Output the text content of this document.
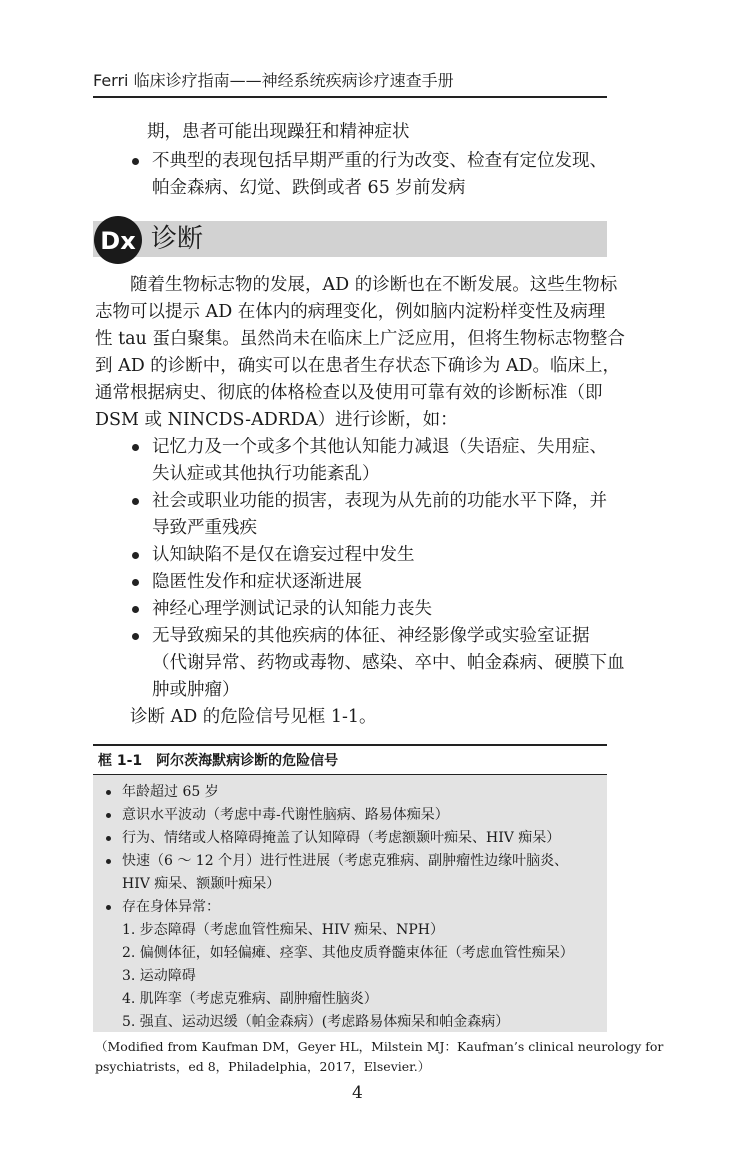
Ferri 临床诊疗指南——神经系统疾病诊疗速查手册
期，患者可能出现躁狂和精神症状
不典型的表现包括早期严重的行为改变、检查有定位发现、
帕金森病、幻觉、跌倒或者 65 岁前发病
Dx 诊断
随着生物标志物的发展，AD 的诊断也在不断发展。这些生物标
志物可以提示 AD 在体内的病理变化，例如脑内淀粉样变性及病理
性 tau 蛋白聚集。虽然尚未在临床上广泛应用，但将生物标志物整合
到 AD 的诊断中，确实可以在患者生存状态下确诊为 AD。临床上，
通常根据病史、彻底的体格检查以及使用可靠有效的诊断标准（即
DSM 或 NINCDS-ADRDA）进行诊断，如：
记忆力及一个或多个其他认知能力减退（失语症、失用症、
失认症或其他执行功能紊乱）
社会或职业功能的损害，表现为从先前的功能水平下降，并
导致严重残疾
认知缺陷不是仅在谵妄过程中发生
隐匿性发作和症状逐渐进展
神经心理学测试记录的认知能力丧失
无导致痴呆的其他疾病的体征、神经影像学或实验室证据
（代谢异常、药物或毒物、感染、卒中、帕金森病、硬膜下血
肿或肿瘤）
诊断 AD 的危险信号见框 1-1。
框 1-1 阿尔茨海默病诊断的危险信号
年龄超过 65 岁
意识水平波动（考虑中毒-代谢性脑病、路易体痴呆）
行为、情绪或人格障碍掩盖了认知障碍（考虑额颞叶痴呆、HIV 痴呆）
快速（6 ～ 12 个月）进行性进展（考虑克雅病、副肿瘤性边缘叶脑炎、
HIV 痴呆、额颞叶痴呆）
存在身体异常：
1. 步态障碍（考虑血管性痴呆、HIV 痴呆、NPH）
2. 偏侧体征，如轻偏瘫、痉挛、其他皮质脊髓束体征（考虑血管性痴呆）
3. 运动障碍
4. 肌阵挛（考虑克雅病、副肿瘤性脑炎）
5. 强直、运动迟缓（帕金森病）(考虑路易体痴呆和帕金森病）
（Modified from Kaufman DM，Geyer HL，Milstein MJ：Kaufman’s clinical neurology for
psychiatrists，ed 8，Philadelphia，2017，Elsevier.）
4
